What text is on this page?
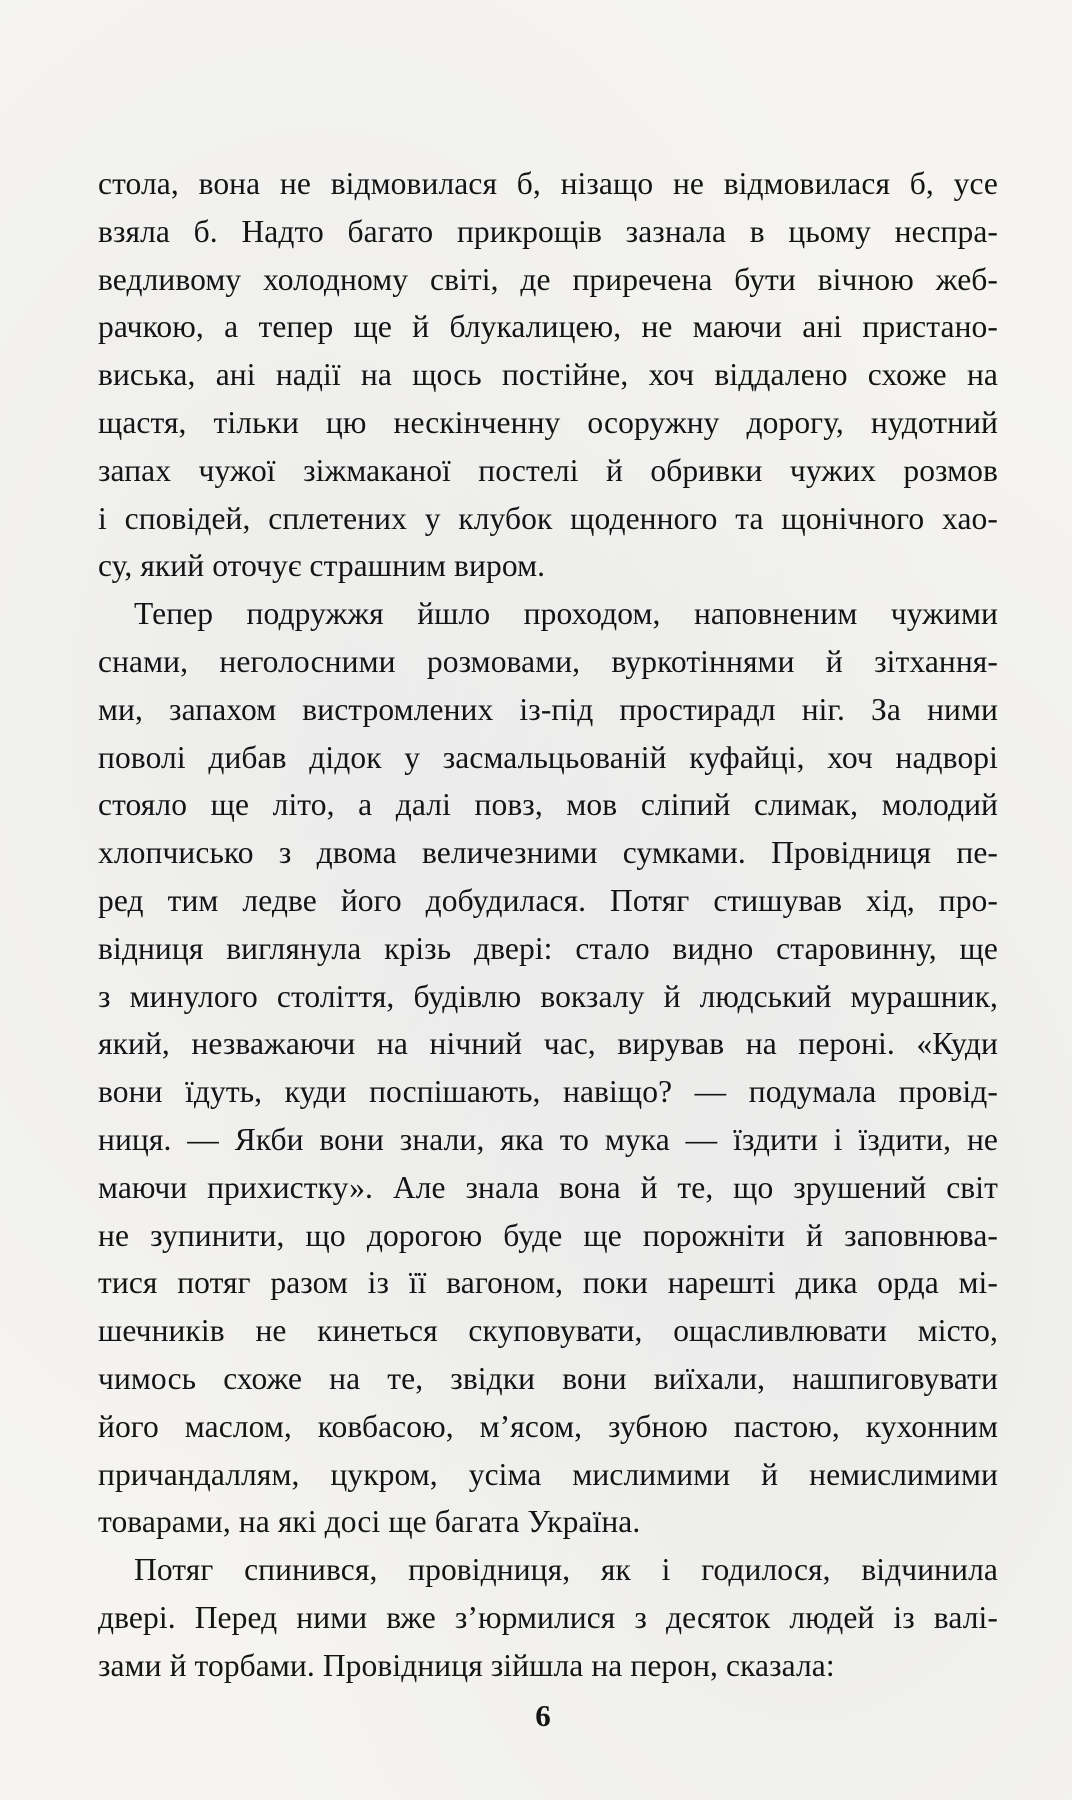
стола, вона не відмовилася б, нізащо не відмовилася б, усе
взяла б. Надто багато прикрощів зазнала в цьому неспра-
ведливому холодному світі, де приречена бути вічною жеб-
рачкою, а тепер ще й блукалицею, не маючи ані пристано-
виська, ані надії на щось постійне, хоч віддалено схоже на
щастя, тільки цю нескінченну осоружну дорогу, нудотний
запах чужої зіжмаканої постелі й обривки чужих розмов
і сповідей, сплетених у клубок щоденного та щонічного хао-
су, який оточує страшним виром.
Тепер подружжя йшло проходом, наповненим чужими
снами, неголосними розмовами, вуркотіннями й зітхання-
ми, запахом вистромлених із-під простирадл ніг. За ними
поволі дибав дідок у засмальцьованій куфайці, хоч надворі
стояло ще літо, а далі повз, мов сліпий слимак, молодий
хлопчисько з двома величезними сумками. Провідниця пе-
ред тим ледве його добудилася. Потяг стишував хід, про-
відниця виглянула крізь двері: стало видно старовинну, ще
з минулого століття, будівлю вокзалу й людський мурашник,
який, незважаючи на нічний час, вирував на пероні. «Куди
вони їдуть, куди поспішають, навіщо? — подумала провід-
ниця. — Якби вони знали, яка то мука — їздити і їздити, не
маючи прихистку». Але знала вона й те, що зрушений світ
не зупинити, що дорогою буде ще порожніти й заповнюва-
тися потяг разом із її вагоном, поки нарешті дика орда мі-
шечників не кинеться скуповувати, ощасливлювати місто,
чимось схоже на те, звідки вони виїхали, нашпиговувати
його маслом, ковбасою, м’ясом, зубною пастою, кухонним
причандаллям, цукром, усіма мислимими й немислимими
товарами, на які досі ще багата Україна.
Потяг спинився, провідниця, як і годилося, відчинила
двері. Перед ними вже з’юрмилися з десяток людей із валі-
зами й торбами. Провідниця зійшла на перон, сказала:
6
